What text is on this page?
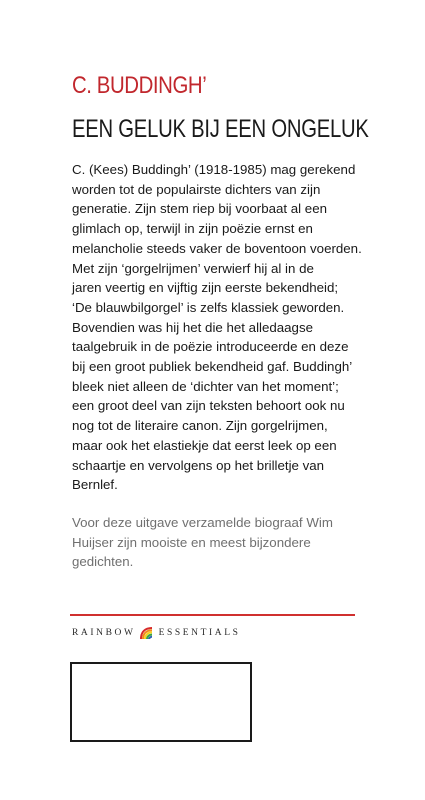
C. BUDDINGH’
EEN GELUK BIJ EEN ONGELUK
C. (Kees) Buddingh’ (1918-1985) mag gerekend
worden tot de populairste dichters van zijn
generatie. Zijn stem riep bij voorbaat al een
glimlach op, terwijl in zijn poëzie ernst en
melancholie steeds vaker de boventoon voerden.
Met zijn ‘gorgelrijmen’ verwierf hij al in de
jaren veertig en vijftig zijn eerste bekendheid;
‘De blauwbilgorgel’ is zelfs klassiek geworden.
Bovendien was hij het die het alledaagse
taalgebruik in de poëzie introduceerde en deze
bij een groot publiek bekendheid gaf. Buddingh’
bleek niet alleen de ‘dichter van het moment’;
een groot deel van zijn teksten behoort ook nu
nog tot de literaire canon. Zijn gorgelrijmen,
maar ook het elastiekje dat eerst leek op een
schaartje en vervolgens op het brilletje van
Bernlef.
Voor deze uitgave verzamelde biograaf Wim
Huijser zijn mooiste en meest bijzondere
gedichten.
RAINBOW ESSENTIALS
